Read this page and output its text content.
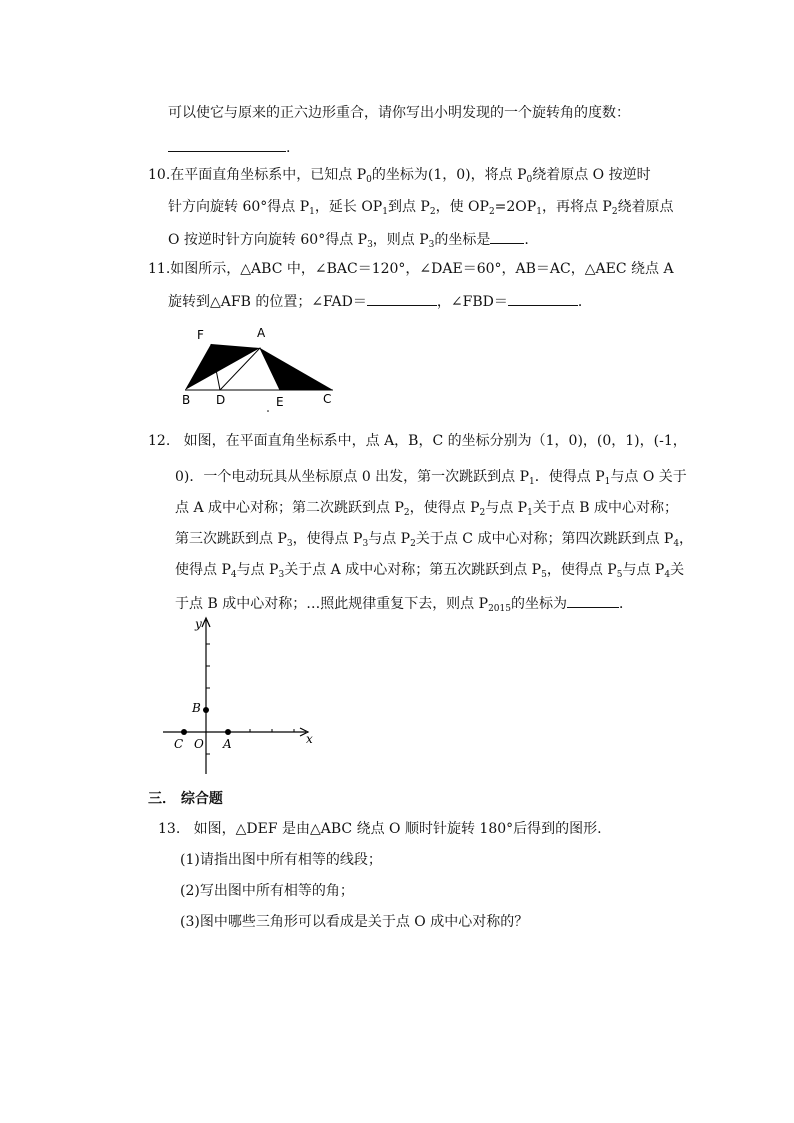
可以使它与原来的正六边形重合，请你写出小明发现的一个旋转角的度数：
.
10.在平面直角坐标系中，已知点 $P_0$的坐标为(1，0)，将点 $P_0$绕着原点 O 按逆时
针方向旋转 60°得点 $P_1$，延长 $OP_1$到点 $P_2$，使 $OP_2=2OP_1$，再将点 $P_2$绕着原点
O 按逆时针方向旋转 60°得点 $P_3$，则点 $P_3$的坐标是 .
11.如图所示，△ABC 中，∠BAC＝120°，∠DAE＝60°，AB＝AC，△AEC 绕点 A
旋转到△AFB 的位置；∠FAD＝	，∠FBD＝	．
F	A
B D	E	C
12. 如图，在平面直角坐标系中，点 A，B，C 的坐标分别为（1，0)，(0，1)，(-1，
0)．一个电动玩具从坐标原点 0 出发，第一次跳跃到点 $P_1$．使得点 $P_1$与点 O 关于
点 A 成中心对称；第二次跳跃到点 $P_2$，使得点 $P_2$与点 $P_1$关于点 B 成中心对称；
第三次跳跃到点 $P_3$，使得点 $P_3$与点 $P_2$关于点 C 成中心对称；第四次跳跃到点 $P_4$，
使得点 $P_4$与点 $P_3$关于点 A 成中心对称；第五次跳跃到点 $P_5$，使得点 $P_5$与点 $P_4$关
于点 B 成中心对称；…照此规律重复下去，则点 $P_{2015}$的坐标为	．
y
x
B
C O A
三． 综合题
13. 如图，△DEF 是由△ABC 绕点 O 顺时针旋转 180°后得到的图形.
(1)请指出图中所有相等的线段；
(2)写出图中所有相等的角；
(3)图中哪些三角形可以看成是关于点 O 成中心对称的？
